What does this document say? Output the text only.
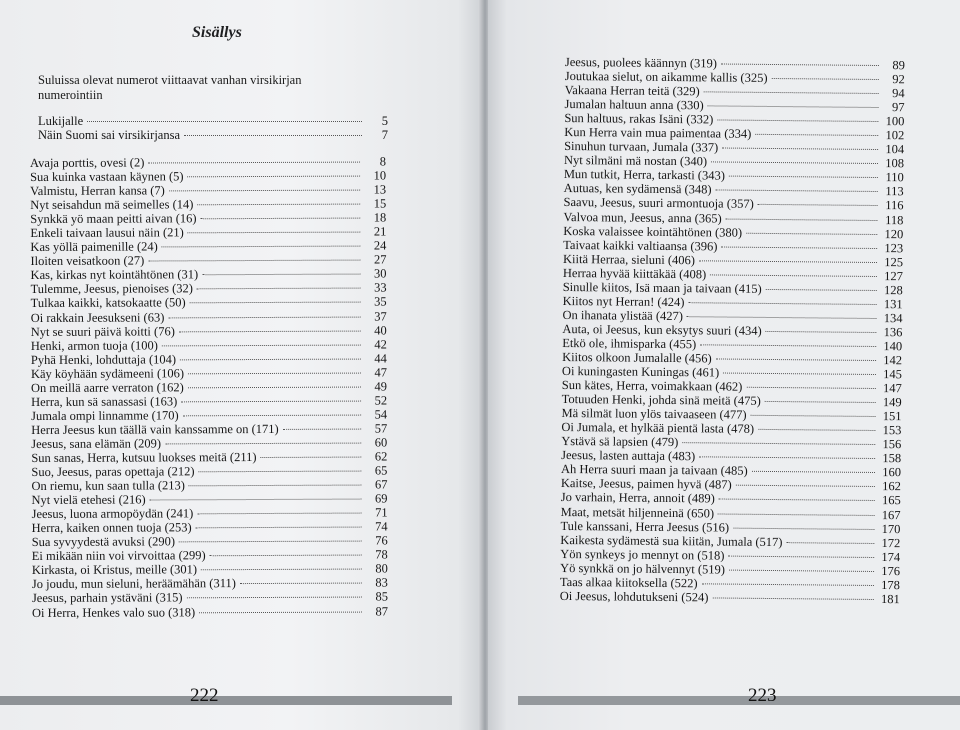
Sisällys
Suluissa olevat numerot viittaavat vanhan virsikirjan numerointiin
Lukijalle	5
Näin Suomi sai virsikirjansa	7
Avaja porttis, ovesi (2)	8
Sua kuinka vastaan käynen (5)	10
Valmistu, Herran kansa (7)	13
Nyt seisahdun mä seimelles (14)	15
Synkkä yö maan peitti aivan (16)	18
Enkeli taivaan lausui näin (21)	21
Kas yöllä paimenille (24)	24
Iloiten veisatkoon (27)	27
Kas, kirkas nyt kointähtönen (31)	30
Tulemme, Jeesus, pienoises (32)	33
Tulkaa kaikki, katsokaatte (50)	35
Oi rakkain Jeesukseni (63)	37
Nyt se suuri päivä koitti (76)	40
Henki, armon tuoja (100)	42
Pyhä Henki, lohduttaja (104)	44
Käy köyhään sydämeeni (106)	47
On meillä aarre verraton (162)	49
Herra, kun sä sanassasi (163)	52
Jumala ompi linnamme (170)	54
Herra Jeesus kun täällä vain kanssamme on (171)	57
Jeesus, sana elämän (209)	60
Sun sanas, Herra, kutsuu luokses meitä (211)	62
Suo, Jeesus, paras opettaja (212)	65
On riemu, kun saan tulla (213)	67
Nyt vielä etehesi (216)	69
Jeesus, luona armopöydän (241)	71
Herra, kaiken onnen tuoja (253)	74
Sua syvyydestä avuksi (290)	76
Ei mikään niin voi virvoittaa (299)	78
Kirkasta, oi Kristus, meille (301)	80
Jo joudu, mun sieluni, heräämähän (311)	83
Jeesus, parhain ystäväni (315)	85
Oi Herra, Henkes valo suo (318)	87
222
Jeesus, puolees käännyn (319)	89
Joutukaa sielut, on aikamme kallis (325)	92
Vakaana Herran teitä (329)	94
Jumalan haltuun anna (330)	97
Sun haltuus, rakas Isäni (332)	100
Kun Herra vain mua paimentaa (334)	102
Sinuhun turvaan, Jumala (337)	104
Nyt silmäni mä nostan (340)	108
Mun tutkit, Herra, tarkasti (343)	110
Autuas, ken sydämensä (348)	113
Saavu, Jeesus, suuri armontuoja (357)	116
Valvoa mun, Jeesus, anna (365)	118
Koska valaissee kointähtönen (380)	120
Taivaat kaikki valtiaansa (396)	123
Kiitä Herraa, sieluni (406)	125
Herraa hyvää kiittäkää (408)	127
Sinulle kiitos, Isä maan ja taivaan (415)	128
Kiitos nyt Herran! (424)	131
On ihanata ylistää (427)	134
Auta, oi Jeesus, kun eksytys suuri (434)	136
Etkö ole, ihmisparka (455)	140
Kiitos olkoon Jumalalle (456)	142
Oi kuningasten Kuningas (461)	145
Sun kätes, Herra, voimakkaan (462)	147
Totuuden Henki, johda sinä meitä (475)	149
Mä silmät luon ylös taivaaseen (477)	151
Oi Jumala, et hylkää pientä lasta (478)	153
Ystävä sä lapsien (479)	156
Jeesus, lasten auttaja (483)	158
Ah Herra suuri maan ja taivaan (485)	160
Kaitse, Jeesus, paimen hyvä (487)	162
Jo varhain, Herra, annoit (489)	165
Maat, metsät hiljenneinä (650)	167
Tule kanssani, Herra Jeesus (516)	170
Kaikesta sydämestä sua kiitän, Jumala (517)	172
Yön synkeys jo mennyt on (518)	174
Yö synkkä on jo hälvennyt (519)	176
Taas alkaa kiitoksella (522)	178
Oi Jeesus, lohdutukseni (524)	181
223
